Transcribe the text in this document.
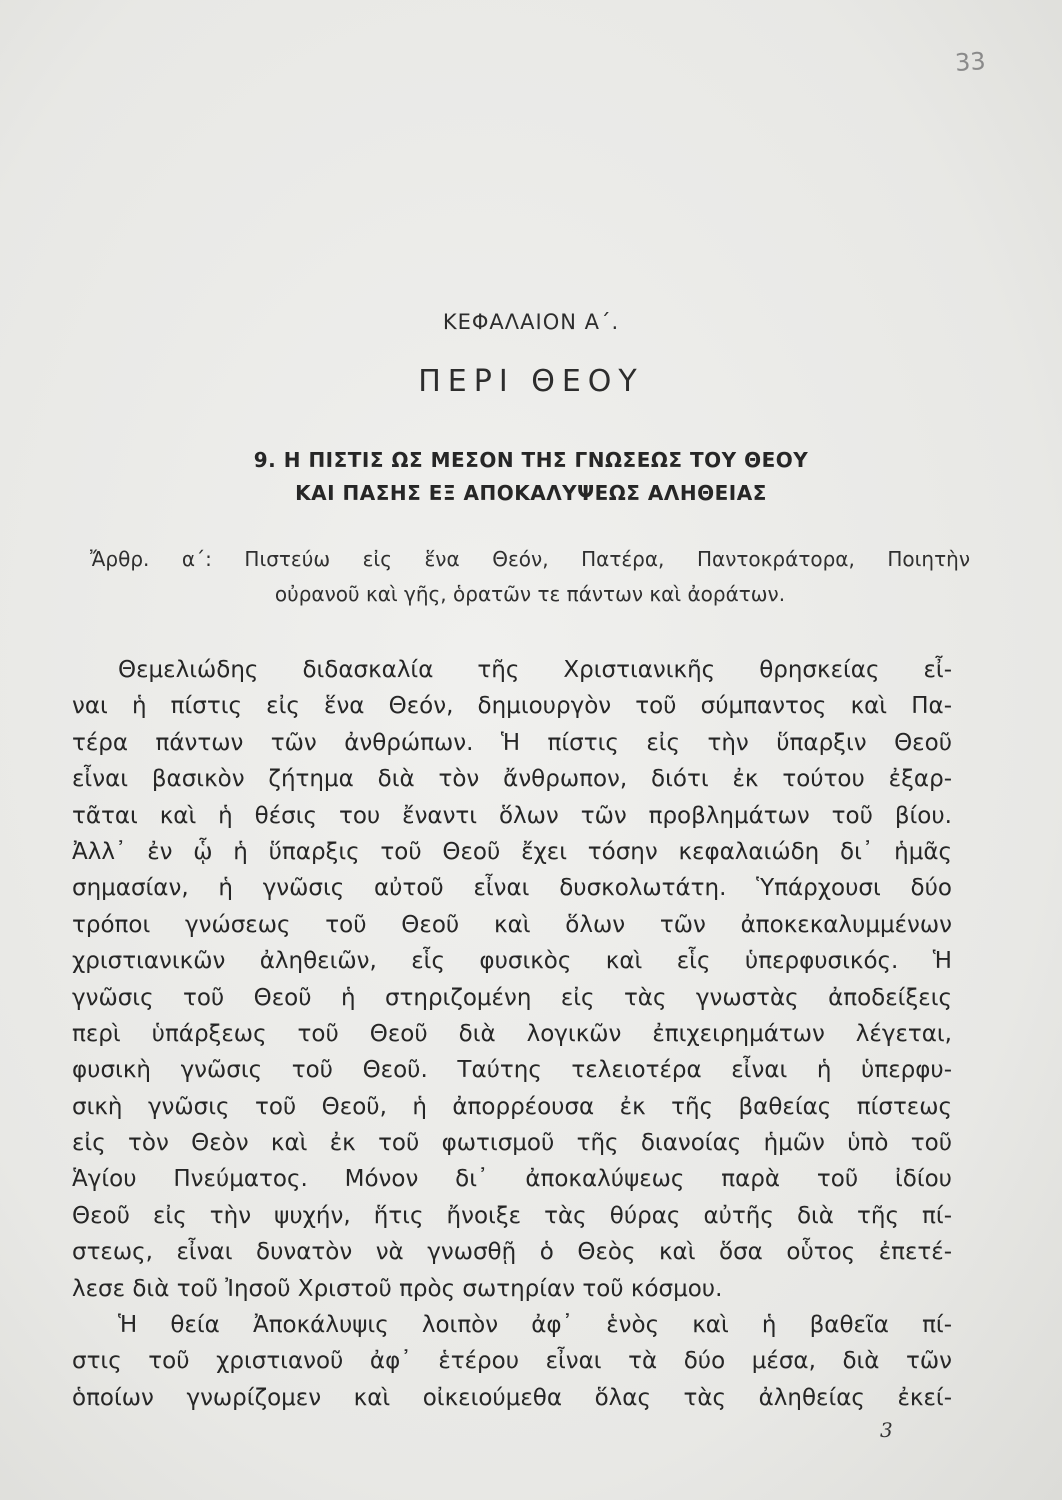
33
ΚΕΦΑΛΑΙΟΝ Α΄.
ΠΕΡΙ ΘΕΟΥ
9. Η ΠΙΣΤΙΣ ΩΣ ΜΕΣΟΝ ΤΗΣ ΓΝΩΣΕΩΣ ΤΟΥ ΘΕΟΥ
ΚΑΙ ΠΑΣΗΣ ΕΞ ΑΠΟΚΑΛΥΨΕΩΣ ΑΛΗΘΕΙΑΣ
Ἄρθρ. α΄: Πιστεύω εἰς ἕνα Θεόν, Πατέρα, Παντοκράτορα, Ποιητὴν
οὐρανοῦ καὶ γῆς, ὁρατῶν τε πάντων καὶ ἀοράτων.
Θεμελιώδης διδασκαλία τῆς Χριστιανικῆς θρησκείας εἶ-
ναι ἡ πίστις εἰς ἕνα Θεόν, δημιουργὸν τοῦ σύμπαντος καὶ Πα-
τέρα πάντων τῶν ἀνθρώπων. Ἡ πίστις εἰς τὴν ὕπαρξιν Θεοῦ
εἶναι βασικὸν ζήτημα διὰ τὸν ἄνθρωπον, διότι ἐκ τούτου ἐξαρ-
τᾶται καὶ ἡ θέσις του ἔναντι ὅλων τῶν προβλημάτων τοῦ βίου.
Ἀλλ᾽ ἐν ᾧ ἡ ὕπαρξις τοῦ Θεοῦ ἔχει τόσην κεφαλαιώδη δι᾽ ἡμᾶς
σημασίαν, ἡ γνῶσις αὐτοῦ εἶναι δυσκολωτάτη. Ὑπάρχουσι δύο
τρόποι γνώσεως τοῦ Θεοῦ καὶ ὅλων τῶν ἀποκεκαλυμμένων
χριστιανικῶν ἀληθειῶν, εἷς φυσικὸς καὶ εἷς ὑπερφυσικός. Ἡ
γνῶσις τοῦ Θεοῦ ἡ στηριζομένη εἰς τὰς γνωστὰς ἀποδείξεις
περὶ ὑπάρξεως τοῦ Θεοῦ διὰ λογικῶν ἐπιχειρημάτων λέγεται,
φυσικὴ γνῶσις τοῦ Θεοῦ. Ταύτης τελειοτέρα εἶναι ἡ ὑπερφυ-
σικὴ γνῶσις τοῦ Θεοῦ, ἡ ἀπορρέουσα ἐκ τῆς βαθείας πίστεως
εἰς τὸν Θεὸν καὶ ἐκ τοῦ φωτισμοῦ τῆς διανοίας ἡμῶν ὑπὸ τοῦ
Ἁγίου Πνεύματος. Μόνον δι᾽ ἀποκαλύψεως παρὰ τοῦ ἰδίου
Θεοῦ εἰς τὴν ψυχήν, ἥτις ἤνοιξε τὰς θύρας αὐτῆς διὰ τῆς πί-
στεως, εἶναι δυνατὸν νὰ γνωσθῇ ὁ Θεὸς καὶ ὅσα οὗτος ἐπετέ-
λεσε διὰ τοῦ Ἰησοῦ Χριστοῦ πρὸς σωτηρίαν τοῦ κόσμου.
Ἡ θεία Ἀποκάλυψις λοιπὸν ἀφ᾽ ἑνὸς καὶ ἡ βαθεῖα πί-
στις τοῦ χριστιανοῦ ἀφ᾽ ἑτέρου εἶναι τὰ δύο μέσα, διὰ τῶν
ὁποίων γνωρίζομεν καὶ οἰκειούμεθα ὅλας τὰς ἀληθείας ἐκεί-
3
